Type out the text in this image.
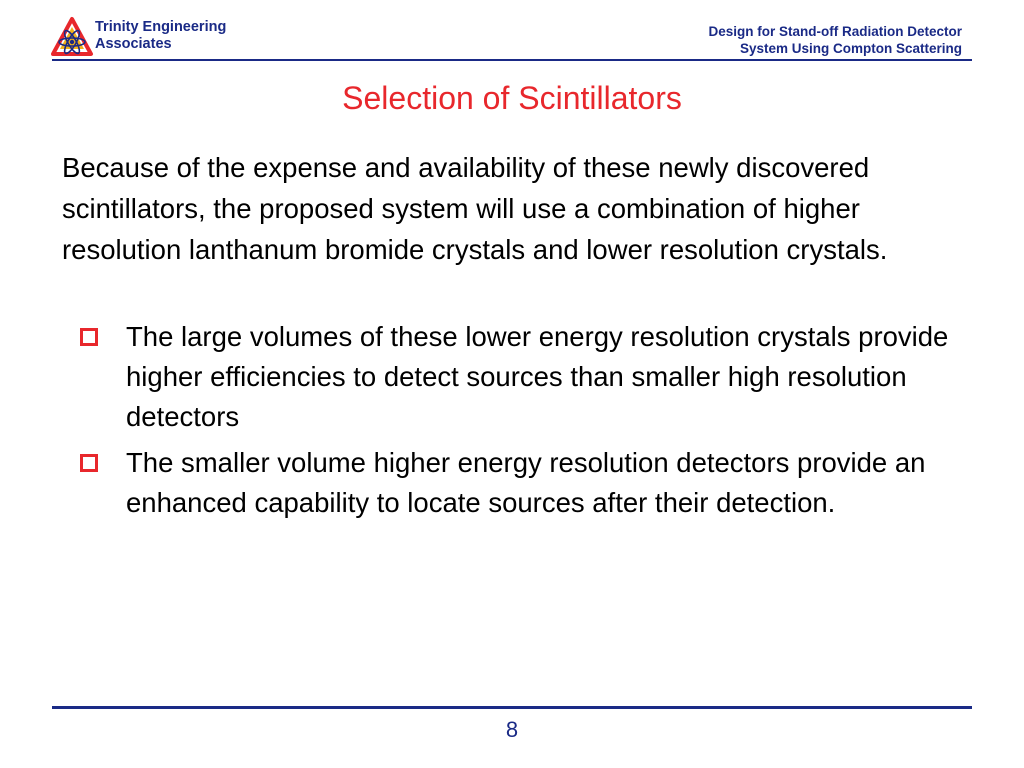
Trinity Engineering
Associates
Design for Stand-off Radiation Detector
System Using Compton Scattering
Selection of Scintillators
Because of the expense and availability of these newly discovered scintillators, the proposed system will use a combination of higher resolution lanthanum bromide crystals and lower resolution crystals.
The large volumes of these lower energy resolution crystals provide higher efficiencies to detect sources than smaller high resolution detectors
The smaller volume higher energy resolution detectors provide an enhanced capability to locate sources after their detection.
8
